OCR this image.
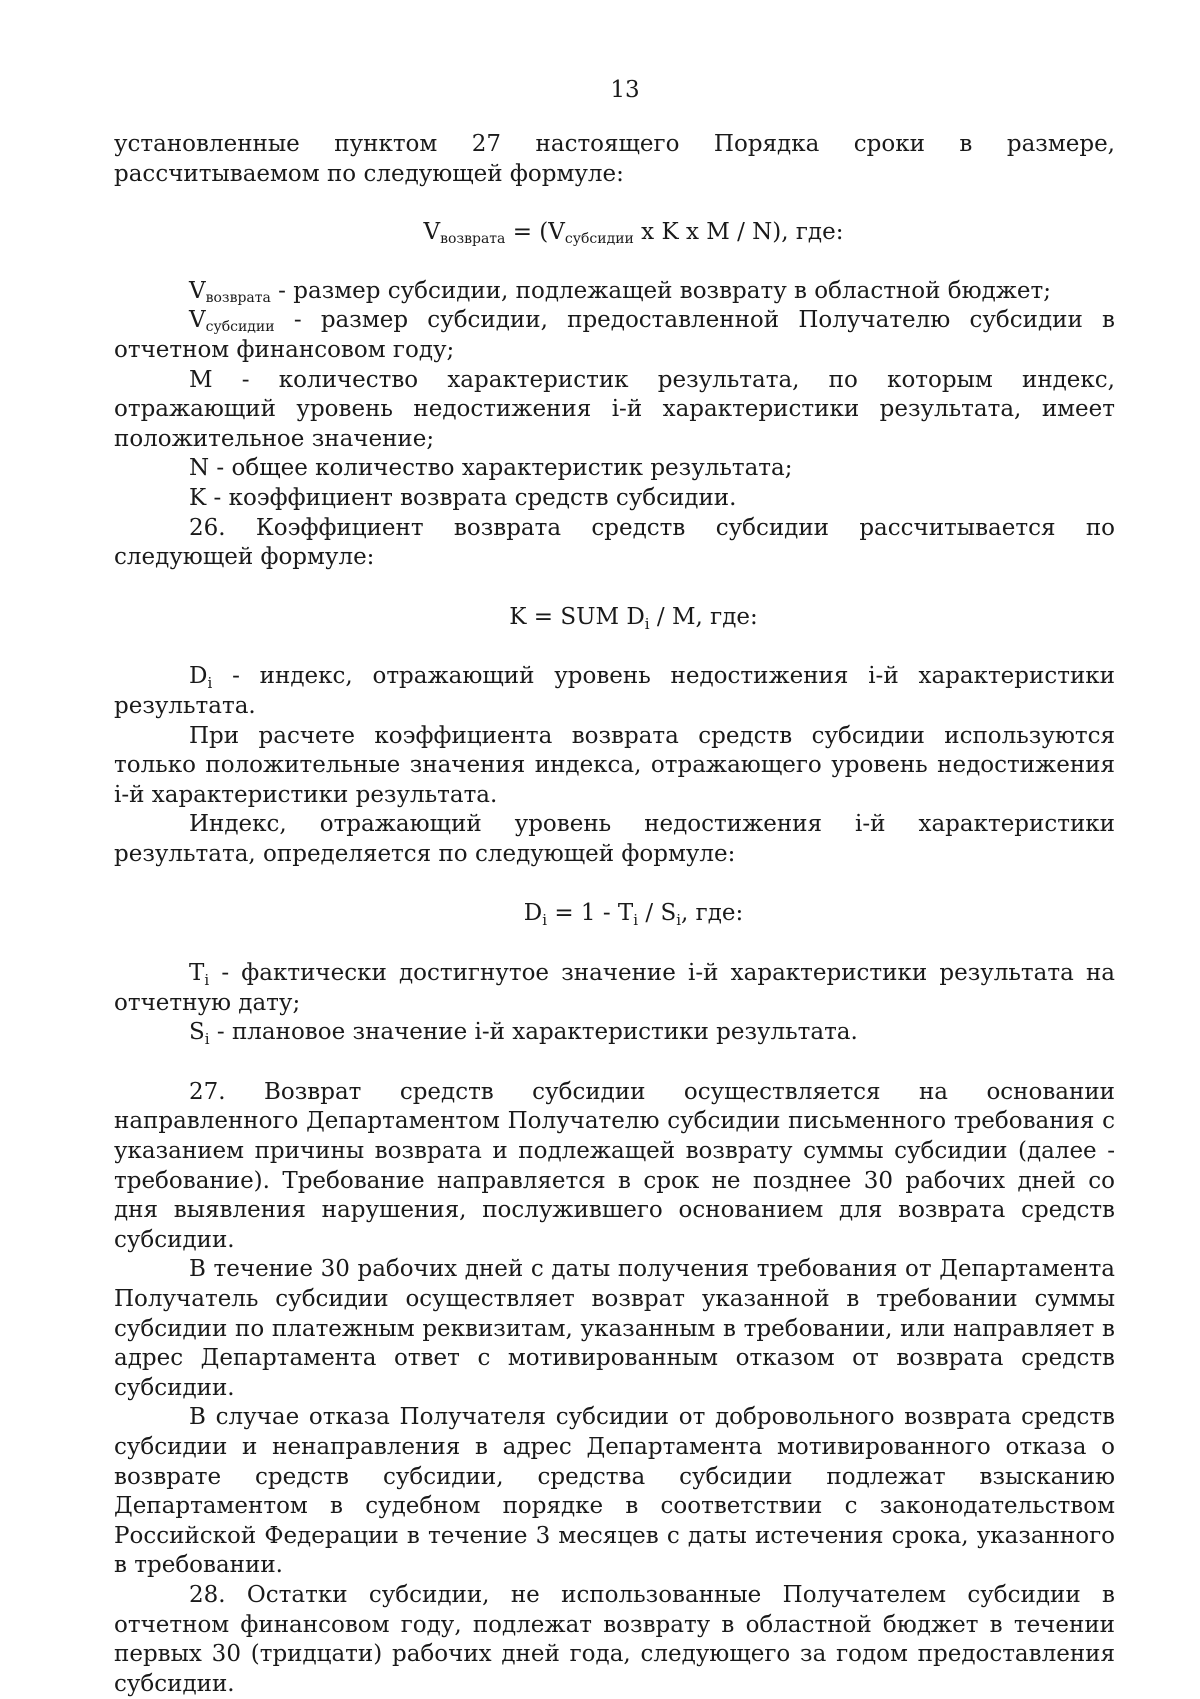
13

установленные пунктом 27 настоящего Порядка сроки в размере, рассчитываемом по следующей формуле:

$V_{возврата} = (V_{субсидии}$ x K x M / N), где:

$V_{возврата}$ - размер субсидии, подлежащей возврату в областной бюджет;

$V_{субсидии}$ - размер субсидии, предоставленной Получателю субсидии в отчетном финансовом году;

M - количество характеристик результата, по которым индекс, отражающий уровень недостижения i-й характеристики результата, имеет положительное значение;

N - общее количество характеристик результата;

K - коэффициент возврата средств субсидии.

26. Коэффициент возврата средств субсидии рассчитывается по следующей формуле:

K = SUM $D_i$ / M, где:

$D_i$ - индекс, отражающий уровень недостижения i-й характеристики результата.

При расчете коэффициента возврата средств субсидии используются только положительные значения индекса, отражающего уровень недостижения i-й характеристики результата.

Индекс, отражающий уровень недостижения i-й характеристики результата, определяется по следующей формуле:

$D_i = 1 - T_i / S_i$, где:

$T_i$ - фактически достигнутое значение i-й характеристики результата на отчетную дату;

$S_i$ - плановое значение i-й характеристики результата.

27. Возврат средств субсидии осуществляется на основании направленного Департаментом Получателю субсидии письменного требования с указанием причины возврата и подлежащей возврату суммы субсидии (далее - требование). Требование направляется в срок не позднее 30 рабочих дней со дня выявления нарушения, послужившего основанием для возврата средств субсидии.

В течение 30 рабочих дней с даты получения требования от Департамента Получатель субсидии осуществляет возврат указанной в требовании суммы субсидии по платежным реквизитам, указанным в требовании, или направляет в адрес Департамента ответ с мотивированным отказом от возврата средств субсидии.

В случае отказа Получателя субсидии от добровольного возврата средств субсидии и ненаправления в адрес Департамента мотивированного отказа о возврате средств субсидии, средства субсидии подлежат взысканию Департаментом в судебном порядке в соответствии с законодательством Российской Федерации в течение 3 месяцев с даты истечения срока, указанного в требовании.

28. Остатки субсидии, не использованные Получателем субсидии в отчетном финансовом году, подлежат возврату в областной бюджет в течении первых 30 (тридцати) рабочих дней года, следующего за годом предоставления субсидии.
